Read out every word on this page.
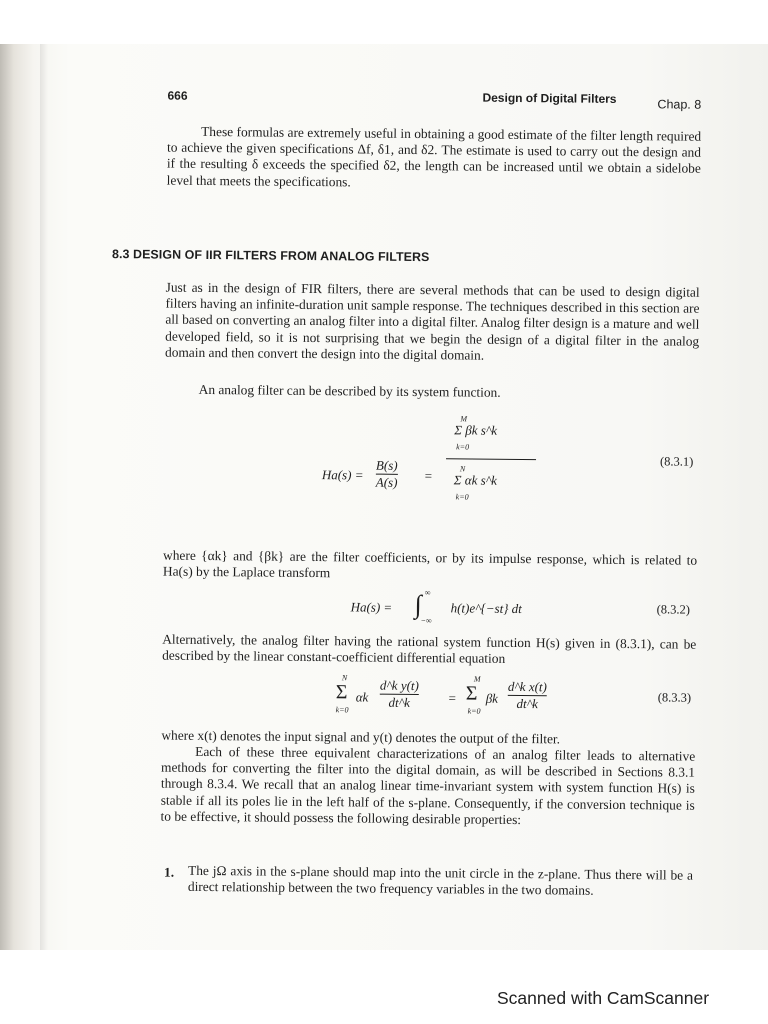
666	Design of Digital Filters	Chap. 8

These formulas are extremely useful in obtaining a good estimate of the filter length required to achieve the given specifications Δf, δ1, and δ2. The estimate is used to carry out the design and if the resulting δ exceeds the specified δ2, the length can be increased until we obtain a sidelobe level that meets the specifications.

8.3 DESIGN OF IIR FILTERS FROM ANALOG FILTERS

Just as in the design of FIR filters, there are several methods that can be used to design digital filters having an infinite-duration unit sample response. The techniques described in this section are all based on converting an analog filter into a digital filter. Analog filter design is a mature and well developed field, so it is not surprising that we begin the design of a digital filter in the analog domain and then convert the design into the digital domain.

An analog filter can be described by its system function.

Ha(s) =
B(s)
A(s) =
M
Σ βk s^k
k=0
N
Σ αk s^k
k=0
(8.3.1)

where {αk} and {βk} are the filter coefficients, or by its impulse response, which is related to Ha(s) by the Laplace transform

Ha(s) =
∞
∫
−∞
h(t)e^{−st} dt	(8.3.2)

Alternatively, the analog filter having the rational system function H(s) given in (8.3.1), can be described by the linear constant-coefficient differential equation

N
Σ
k=0
αk
d^k y(t)
dt^k	=
M
Σ
k=0
βk
d^k x(t)
dt^k	(8.3.3)

where x(t) denotes the input signal and y(t) denotes the output of the filter.

Each of these three equivalent characterizations of an analog filter leads to alternative methods for converting the filter into the digital domain, as will be described in Sections 8.3.1 through 8.3.4. We recall that an analog linear time-invariant system with system function H(s) is stable if all its poles lie in the left half of the s-plane. Consequently, if the conversion technique is to be effective, it should possess the following desirable properties:

1. The jΩ axis in the s-plane should map into the unit circle in the z-plane. Thus there will be a direct relationship between the two frequency variables in the two domains.

Scanned with CamScanner
